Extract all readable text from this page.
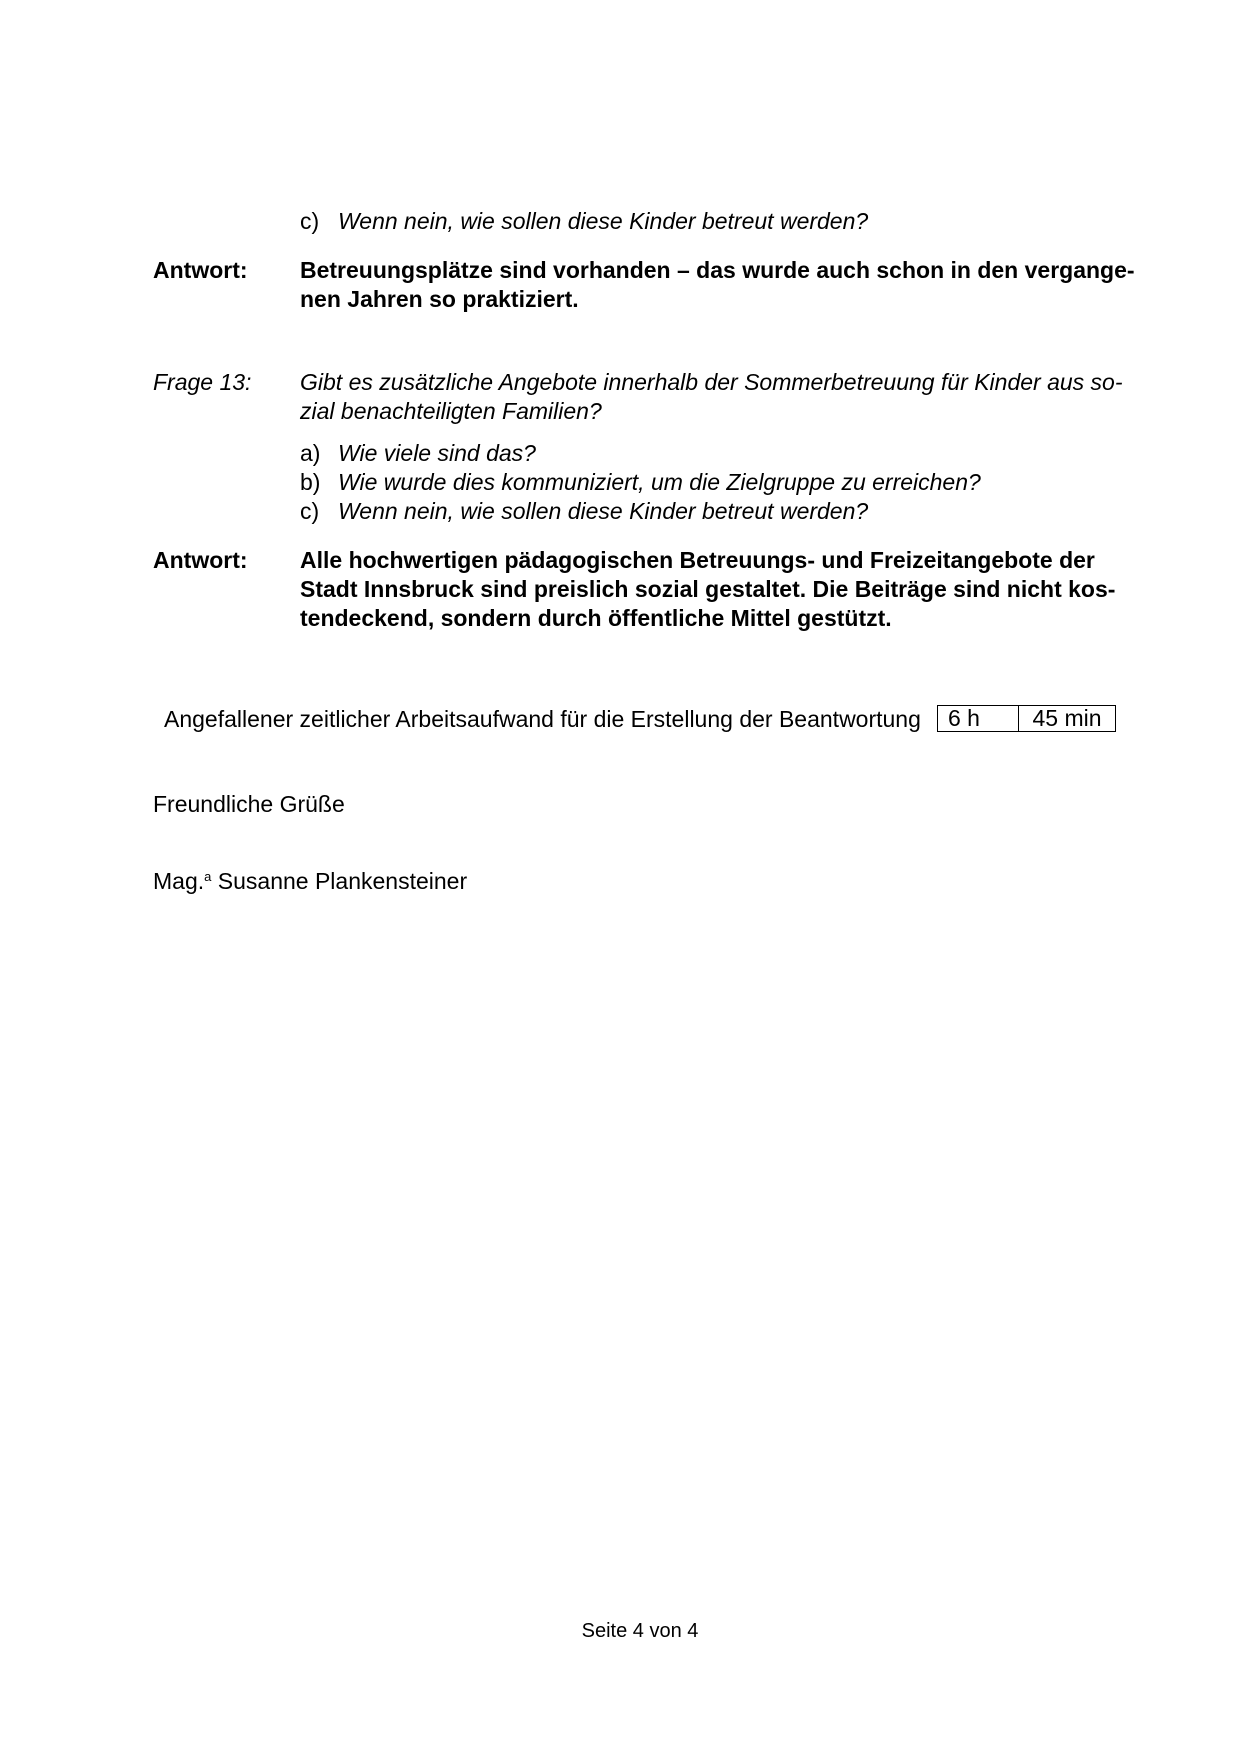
c) Wenn nein, wie sollen diese Kinder betreut werden?
Antwort: Betreuungsplätze sind vorhanden – das wurde auch schon in den vergange-
nen Jahren so praktiziert.
Frage 13: Gibt es zusätzliche Angebote innerhalb der Sommerbetreuung für Kinder aus so-
zial benachteiligten Familien?
a) Wie viele sind das?
b) Wie wurde dies kommuniziert, um die Zielgruppe zu erreichen?
c) Wenn nein, wie sollen diese Kinder betreut werden?
Antwort: Alle hochwertigen pädagogischen Betreuungs- und Freizeitangebote der
Stadt Innsbruck sind preislich sozial gestaltet. Die Beiträge sind nicht kos-
tendeckend, sondern durch öffentliche Mittel gestützt.
Angefallener zeitlicher Arbeitsaufwand für die Erstellung der Beantwortung 6 h	45 min
Freundliche Grüße
Mag.$^a$ Susanne Plankensteiner
Seite 4 von 4
